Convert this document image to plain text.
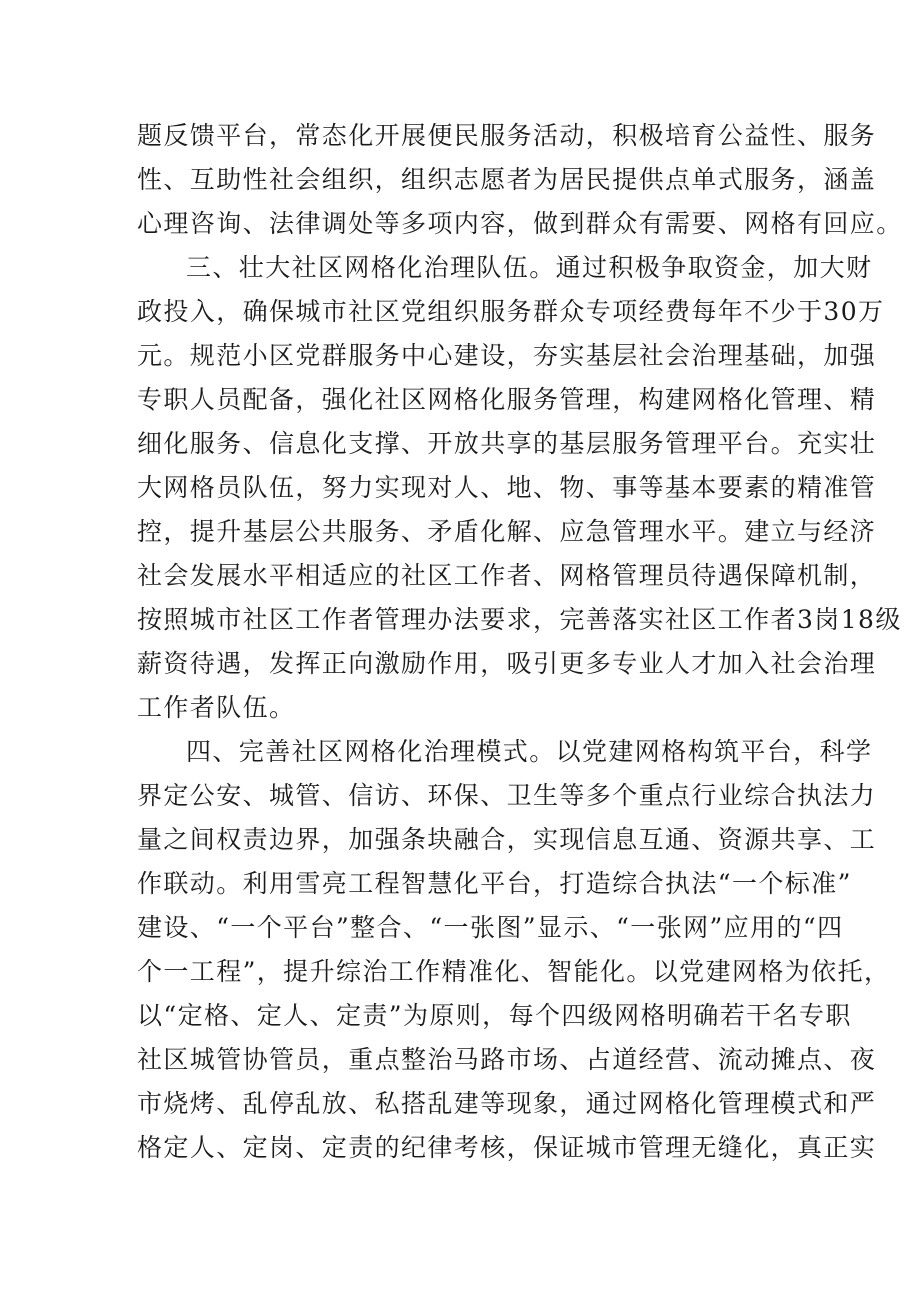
题反馈平台，常态化开展便民服务活动，积极培育公益性、服务
性、互助性社会组织，组织志愿者为居民提供点单式服务，涵盖
心理咨询、法律调处等多项内容，做到群众有需要、网格有回应。
三、壮大社区网格化治理队伍。通过积极争取资金，加大财
政投入，确保城市社区党组织服务群众专项经费每年不少于30万
元。规范小区党群服务中心建设，夯实基层社会治理基础，加强
专职人员配备，强化社区网格化服务管理，构建网格化管理、精
细化服务、信息化支撑、开放共享的基层服务管理平台。充实壮
大网格员队伍，努力实现对人、地、物、事等基本要素的精准管
控，提升基层公共服务、矛盾化解、应急管理水平。建立与经济
社会发展水平相适应的社区工作者、网格管理员待遇保障机制，
按照城市社区工作者管理办法要求，完善落实社区工作者3岗18级
薪资待遇，发挥正向激励作用，吸引更多专业人才加入社会治理
工作者队伍。
四、完善社区网格化治理模式。以党建网格构筑平台，科学
界定公安、城管、信访、环保、卫生等多个重点行业综合执法力
量之间权责边界，加强条块融合，实现信息互通、资源共享、工
作联动。利用雪亮工程智慧化平台，打造综合执法“一个标准”
建设、“一个平台”整合、“一张图”显示、“一张网”应用的“四
个一工程”，提升综治工作精准化、智能化。以党建网格为依托，
以“定格、定人、定责”为原则，每个四级网格明确若干名专职
社区城管协管员，重点整治马路市场、占道经营、流动摊点、夜
市烧烤、乱停乱放、私搭乱建等现象，通过网格化管理模式和严
格定人、定岗、定责的纪律考核，保证城市管理无缝化，真正实
